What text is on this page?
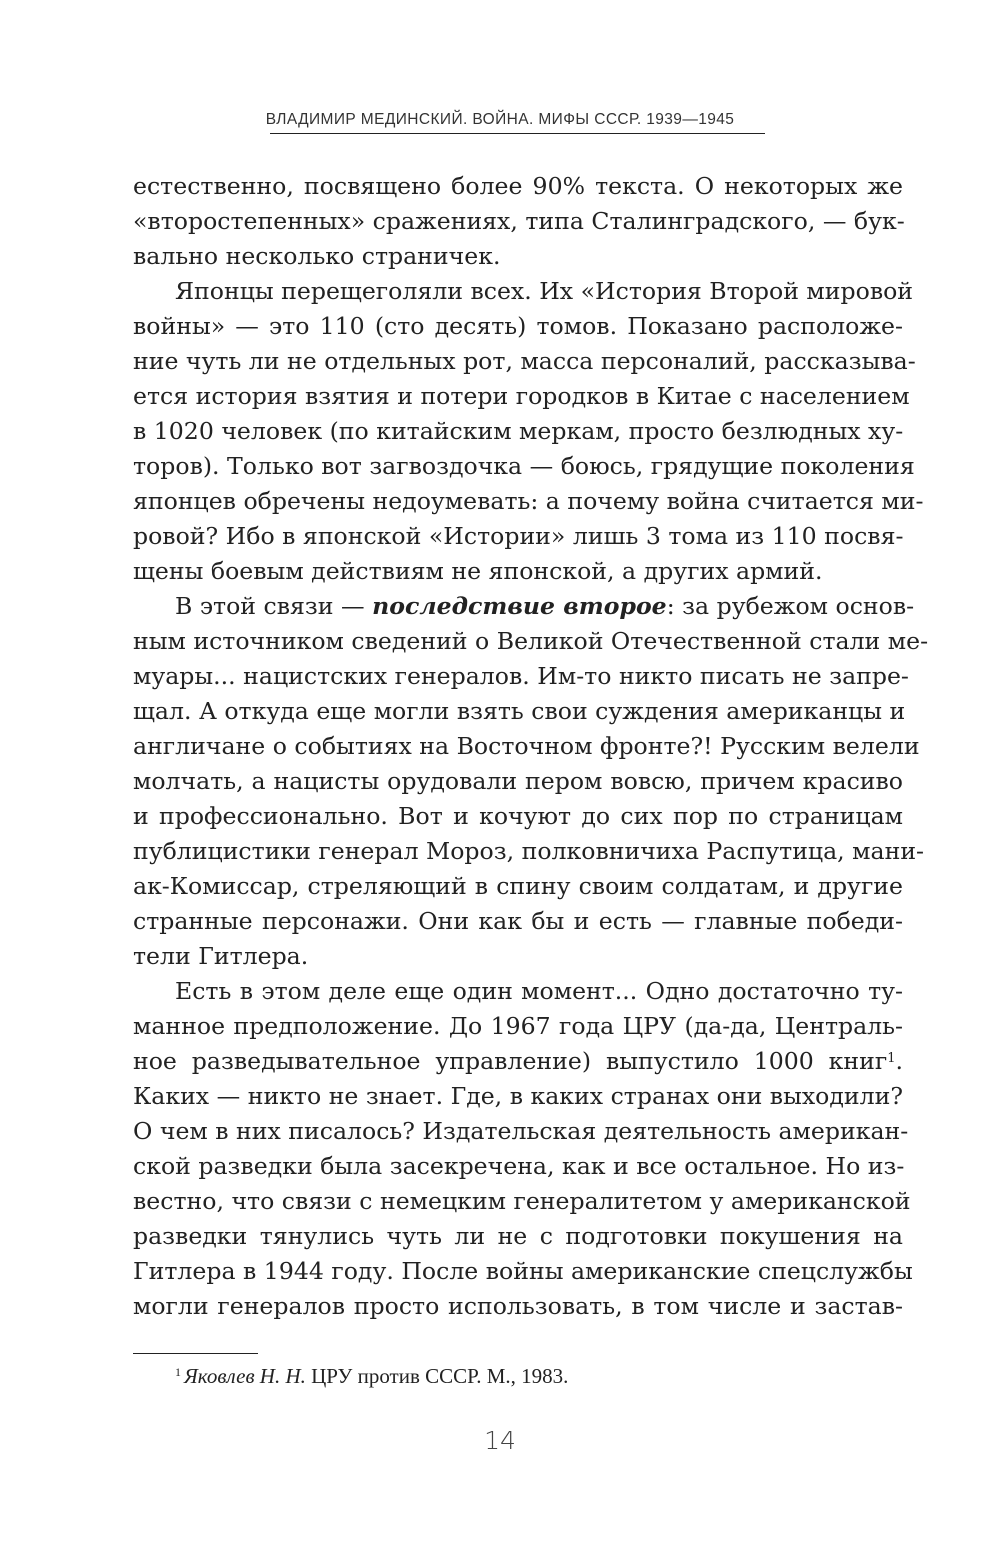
ВЛАДИМИР МЕДИНСКИЙ. ВОЙНА. МИФЫ СССР. 1939—1945
естественно, посвящено более 90% текста. О некоторых же
«второстепенных» сражениях, типа Сталинградского, — бук-
вально несколько страничек.
Японцы перещеголяли всех. Их «История Второй мировой
войны» — это 110 (сто десять) томов. Показано расположе-
ние чуть ли не отдельных рот, масса персоналий, рассказыва-
ется история взятия и потери городков в Китае с населением
в 1020 человек (по китайским меркам, просто безлюдных ху-
торов). Только вот загвоздочка — боюсь, грядущие поколения
японцев обречены недоумевать: а почему война считается ми-
ровой? Ибо в японской «Истории» лишь 3 тома из 110 посвя-
щены боевым действиям не японской, а других армий.
В этой связи — последствие второе: за рубежом основ-
ным источником сведений о Великой Отечественной стали ме-
муары... нацистских генералов. Им-то никто писать не запре-
щал. А откуда еще могли взять свои суждения американцы и
англичане о событиях на Восточном фронте?! Русским велели
молчать, а нацисты орудовали пером вовсю, причем красиво
и профессионально. Вот и кочуют до сих пор по страницам
публицистики генерал Мороз, полковничиха Распутица, мани-
ак-Комиссар, стреляющий в спину своим солдатам, и другие
странные персонажи. Они как бы и есть — главные победи-
тели Гитлера.
Есть в этом деле еще один момент... Одно достаточно ту-
манное предположение. До 1967 года ЦРУ (да-да, Централь-
ное разведывательное управление) выпустило 1000 книг$^1$.
Каких — никто не знает. Где, в каких странах они выходили?
О чем в них писалось? Издательская деятельность американ-
ской разведки была засекречена, как и все остальное. Но из-
вестно, что связи с немецким генералитетом у американской
разведки тянулись чуть ли не с подготовки покушения на
Гитлера в 1944 году. После войны американские спецслужбы
могли генералов просто использовать, в том числе и застав-
$^1$ Яковлев Н. Н. ЦРУ против СССР. М., 1983.
14
